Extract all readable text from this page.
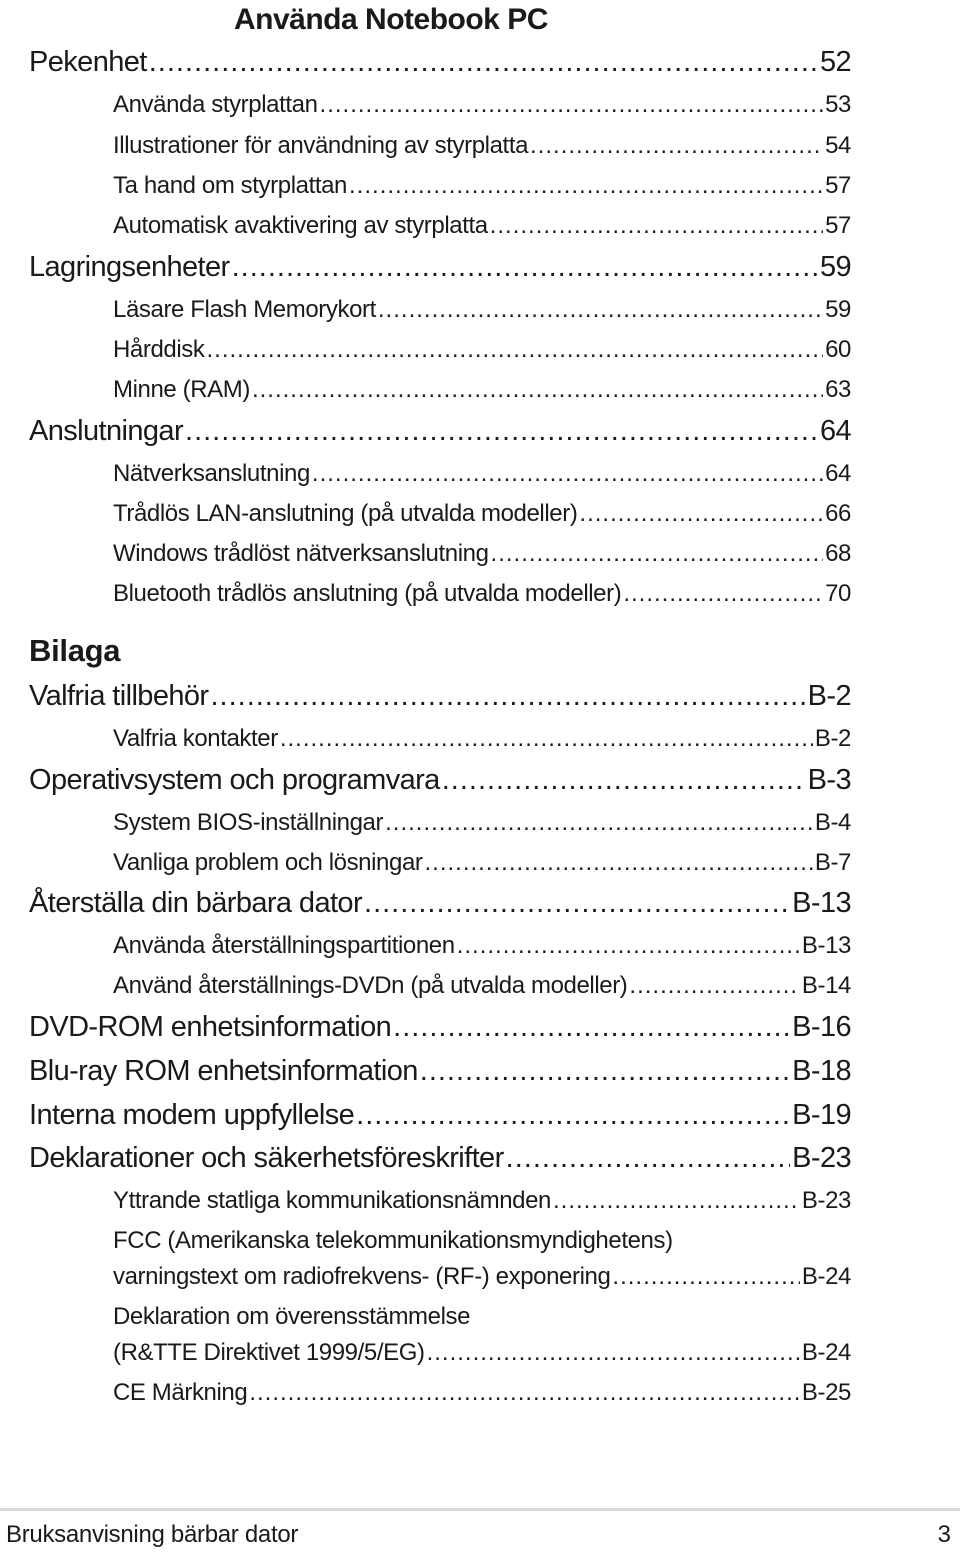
Använda Notebook PC
Pekenhet .....	52
Använda styrplattan .....	53
Illustrationer för användning av styrplatta .....	54
Ta hand om styrplattan .....	57
Automatisk avaktivering av styrplatta .....	57
Lagringsenheter .....	59
Läsare Flash Memorykort .....	59
Hårddisk .....	60
Minne (RAM) .....	63
Anslutningar .....	64
Nätverksanslutning .....	64
Trådlös LAN-anslutning (på utvalda modeller) .....	66
Windows trådlöst nätverksanslutning .....	68
Bluetooth trådlös anslutning (på utvalda modeller) .....	70
Bilaga
Valfria tillbehör .....	B-2
Valfria kontakter .....	B-2
Operativsystem och programvara .....	B-3
System BIOS-inställningar .....	B-4
Vanliga problem och lösningar .....	B-7
Återställa din bärbara dator .....	B-13
Använda återställningspartitionen .....	B-13
Använd återställnings-DVDn (på utvalda modeller) .....	B-14
DVD-ROM enhetsinformation .....	B-16
Blu-ray ROM enhetsinformation .....	B-18
Interna modem uppfyllelse .....	B-19
Deklarationer och säkerhetsföreskrifter .....	B-23
Yttrande statliga kommunikationsnämnden .....	B-23
FCC (Amerikanska telekommunikationsmyndighetens)
varningstext om radiofrekvens- (RF-) exponering .....	B-24
Deklaration om överensstämmelse
(R&TTE Direktivet 1999/5/EG) .....	B-24
CE Märkning .....	B-25
Bruksanvisning bärbar dator	3
